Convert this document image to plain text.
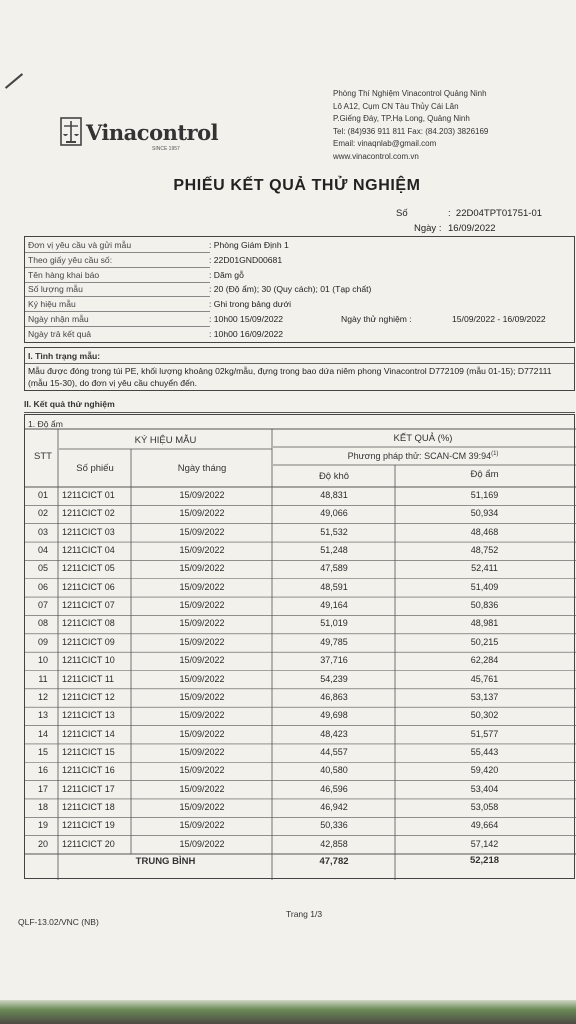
Vinacontrol
SINCE 1957
Phòng Thí Nghiệm Vinacontrol Quảng Ninh
Lô A12, Cụm CN Tàu Thủy Cái Lân
P.Giếng Đáy, TP.Hạ Long, Quảng Ninh
Tel: (84)936 911 811 Fax: (84.203) 3826169
Email: vinaqnlab@gmail.com
www.vinacontrol.com.vn
PHIẾU KẾT QUẢ THỬ NGHIỆM
Số	:  22D04TPT01751-01
Ngày : 16/09/2022
Đơn vị yêu cầu và gửi mẫu	: Phòng Giám Định 1
Theo giấy yêu cầu số:	: 22D01GND00681
Tên hàng khai báo	: Dăm gỗ
Số lượng mẫu	: 20 (Độ ẩm); 30 (Quy cách); 01 (Tạp chất)
Ký hiệu mẫu	: Ghi trong bảng dưới
Ngày nhận mẫu	: 10h00 15/09/2022	Ngày thử nghiệm :	15/09/2022 - 16/09/2022
Ngày trả kết quả	: 10h00 16/09/2022
I. Tình trạng mẫu:
Mẫu được đóng trong túi PE, khối lượng khoảng 02kg/mẫu, đựng trong bao dứa niêm phong Vinacontrol D772109 (mẫu 01-15); D772111 (mẫu 15-30), do đơn vị yêu cầu chuyển đến.
II. Kết quả thử nghiệm
1. Độ ẩm
STT
KÝ HIỆU MẪU
Số phiếu	Ngày tháng
KẾT QUẢ (%)
Phương pháp thử: SCAN-CM 39:94$^{(1)}$
Độ khô	Độ ẩm
01	1211CICT 01	15/09/2022	48,831	51,169
02	1211CICT 02	15/09/2022	49,066	50,934
03	1211CICT 03	15/09/2022	51,532	48,468
04	1211CICT 04	15/09/2022	51,248	48,752
05	1211CICT 05	15/09/2022	47,589	52,411
06	1211CICT 06	15/09/2022	48,591	51,409
07	1211CICT 07	15/09/2022	49,164	50,836
08	1211CICT 08	15/09/2022	51,019	48,981
09	1211CICT 09	15/09/2022	49,785	50,215
10	1211CICT 10	15/09/2022	37,716	62,284
11	1211CICT 11	15/09/2022	54,239	45,761
12	1211CICT 12	15/09/2022	46,863	53,137
13	1211CICT 13	15/09/2022	49,698	50,302
14	1211CICT 14	15/09/2022	48,423	51,577
15	1211CICT 15	15/09/2022	44,557	55,443
16	1211CICT 16	15/09/2022	40,580	59,420
17	1211CICT 17	15/09/2022	46,596	53,404
18	1211CICT 18	15/09/2022	46,942	53,058
19	1211CICT 19	15/09/2022	50,336	49,664
20	1211CICT 20	15/09/2022	42,858	57,142
TRUNG BÌNH	47,782	52,218
Trang 1/3
QLF-13.02/VNC (NB)
